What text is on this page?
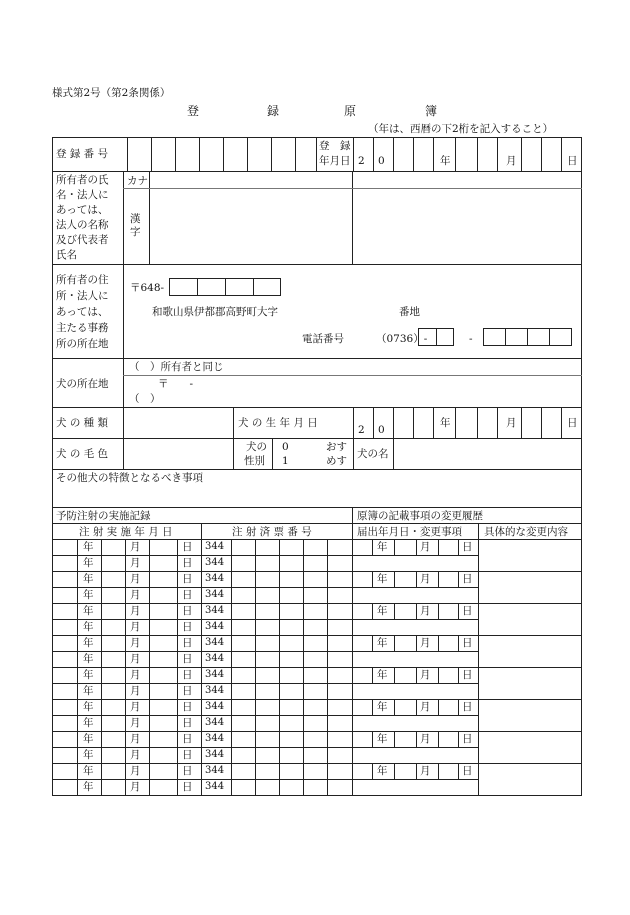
様式第2号（第2条関係）
登	録	原	簿
（年は、西暦の下2桁を記入すること）
登 録 番 号
登　録
年月日 2 0	年	月	日
所有者の氏
名・法人に
あっては、
法人の名称
及び代表者
氏名
カナ
漢
字
所有者の住
所・法人に
あっては、
主たる事務
所の所在地
〒648-
和歌山県伊都郡高野町大字	番地
電話番号	（0736）-	-
犬の所在地
（　）所有者と同じ
〒　　-
（　）
犬 の 種 類	犬 の 生 年 月 日
2 0
年	月	日
犬 の 毛 色
犬の
性別
0	おす
1	めす
犬の名
その他犬の特徴となるべき事項
予防注射の実施記録	原簿の記載事項の変更履歴
注 射 実 施 年 月 日	注 射 済 票 番 号	届出年月日・変更事項 具体的な変更内容
年	月	日 344	年	月	日
年	月	日 344
年	月	日 344	年	月	日
年	月	日 344
年	月	日 344	年	月	日
年	月	日 344
年	月	日 344	年	月	日
年	月	日 344
年	月	日 344	年	月	日
年	月	日 344
年	月	日 344	年	月	日
年	月	日 344
年	月	日 344	年	月	日
年	月	日 344
年	月	日 344	年	月	日
年	月	日 344
